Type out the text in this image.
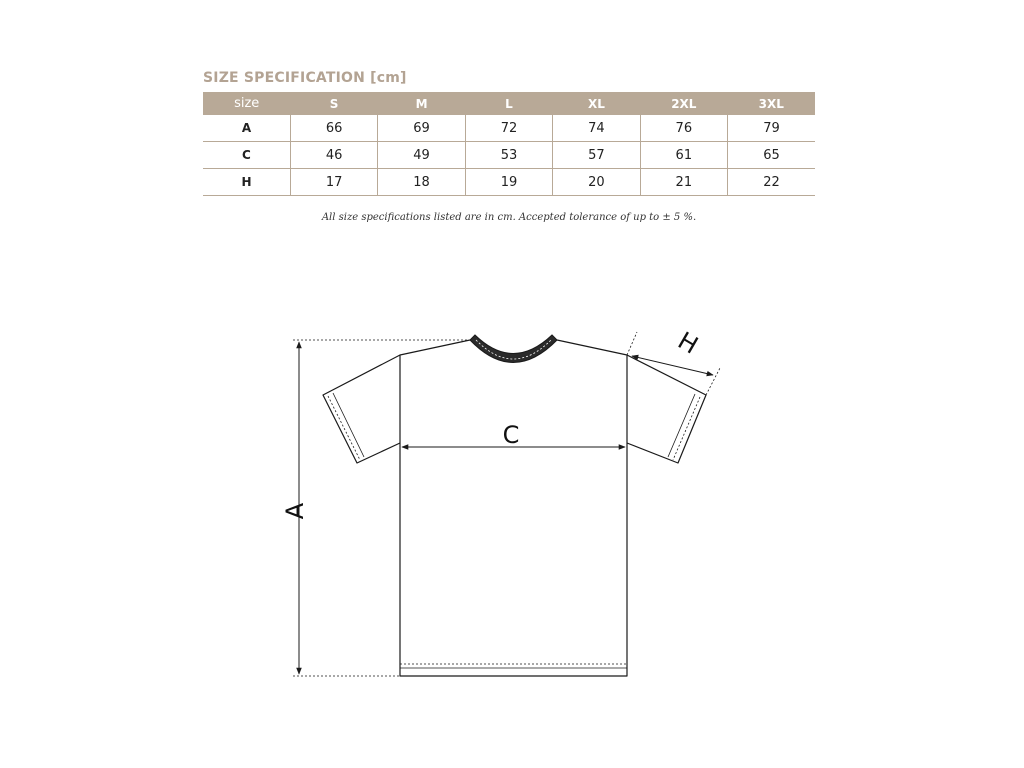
SIZE SPECIFICATION [cm]
size	S	M	L	XL	2XL	3XL
A	66	69	72	74	76	79
C	46	49	53	57	61	65
H	17	18	19	20	21	22
All size specifications listed are in cm. Accepted tolerance of up to ± 5 %.
A
C
H
